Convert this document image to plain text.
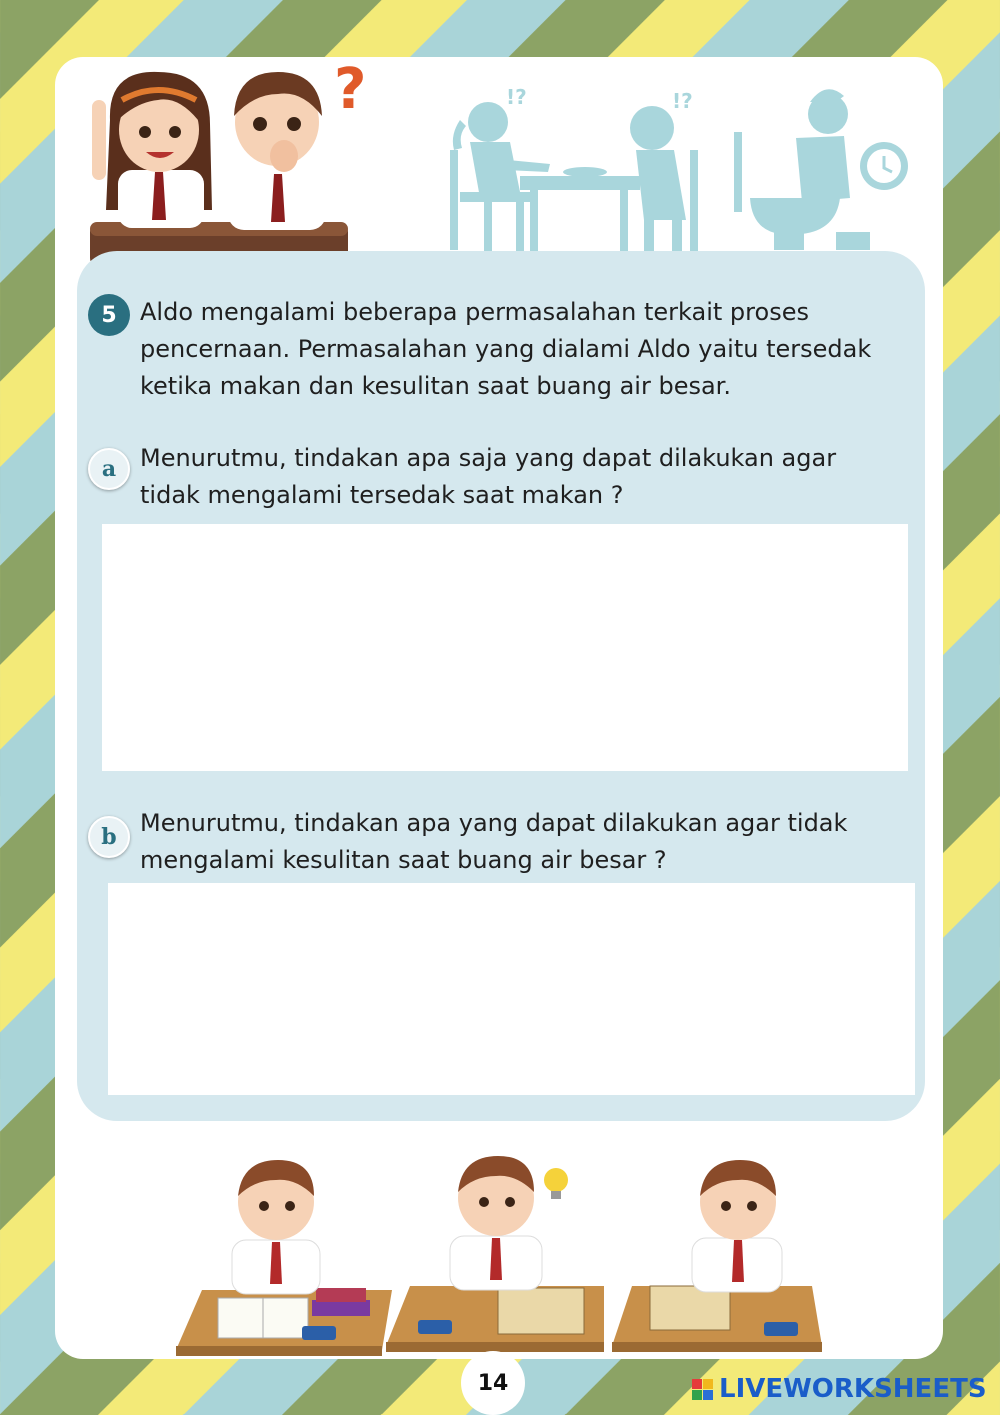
?	!?	!?
5 Aldo mengalami beberapa permasalahan terkait proses
pencernaan. Permasalahan yang dialami Aldo yaitu tersedak
ketika makan dan kesulitan saat buang air besar.
a Menurutmu, tindakan apa saja yang dapat dilakukan agar
tidak mengalami tersedak saat makan ?
b Menurutmu, tindakan apa yang dapat dilakukan agar tidak
mengalami kesulitan saat buang air besar ?
14	LIVEWORKSHEETS
